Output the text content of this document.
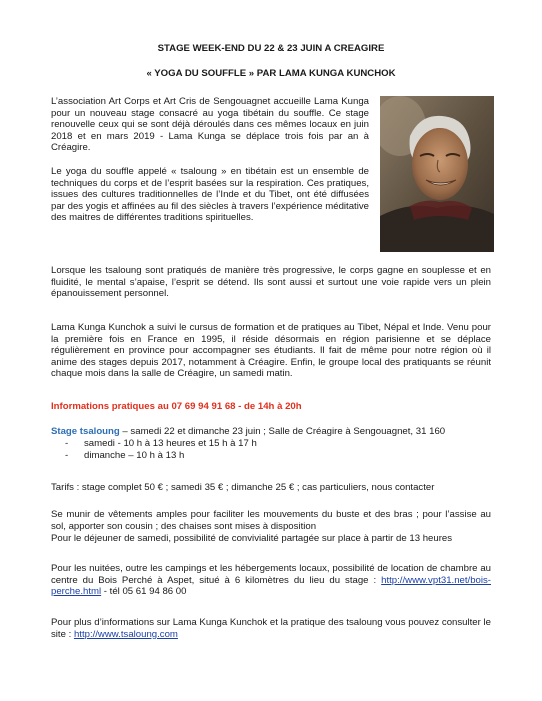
STAGE WEEK-END DU 22 & 23 JUIN A CREAGIRE
« YOGA DU SOUFFLE » PAR LAMA KUNGA KUNCHOK

L’association Art Corps et Art Cris de Sengouagnet accueille Lama Kunga pour un nouveau stage consacré au yoga tibétain du souffle. Ce stage renouvelle ceux qui se sont déjà déroulés dans ces mêmes locaux en juin 2018 et en mars 2019 - Lama Kunga se déplace trois fois par an à Créagire.

Le yoga du souffle appelé « tsaloung » en tibétain est un ensemble de techniques du corps et de l’esprit basées sur la respiration. Ces pratiques, issues des cultures traditionnelles de l’Inde et du Tibet, ont été diffusées par des yogis et affinées au fil des siècles à travers l’expérience méditative des maitres de différentes traditions spirituelles.

Lorsque les tsaloung sont pratiqués de manière très progressive, le corps gagne en souplesse et en fluidité, le mental s’apaise, l’esprit se détend. Ils sont aussi et surtout une voie rapide vers un plein épanouissement personnel.

Lama Kunga Kunchok a suivi le cursus de formation et de pratiques au Tibet, Népal et Inde. Venu pour la première fois en France en 1995, il réside désormais en région parisienne et se déplace régulièrement en province pour accompagner ses étudiants. Il fait de même pour notre région où il anime des stages depuis 2017, notamment à Créagire. Enfin, le groupe local des pratiquants se réunit chaque mois dans la salle de Créagire, un samedi matin.

Informations pratiques au 07 69 94 91 68 - de 14h à 20h
Stage tsaloung – samedi 22 et dimanche 23 juin ; Salle de Créagire à Sengouagnet, 31 160
- samedi - 10 h à 13 heures et 15 h à 17 h
- dimanche – 10 h à 13 h

Tarifs : stage complet 50 € ; samedi 35 € ; dimanche 25 € ; cas particuliers, nous contacter

Se munir de vêtements amples pour faciliter les mouvements du buste et des bras ; pour l’assise au sol, apporter son cousin ; des chaises sont mises à disposition

Pour le déjeuner de samedi, possibilité de convivialité partagée sur place à partir de 13 heures

Pour les nuitées, outre les campings et les hébergements locaux, possibilité de location de chambre au centre du Bois Perché à Aspet, situé à 6 kilomètres du lieu du stage : http://www.vpt31.net/bois-perche.html - tél 05 61 94 86 00

Pour plus d’informations sur Lama Kunga Kunchok et la pratique des tsaloung vous pouvez consulter le site : http://www.tsaloung.com
